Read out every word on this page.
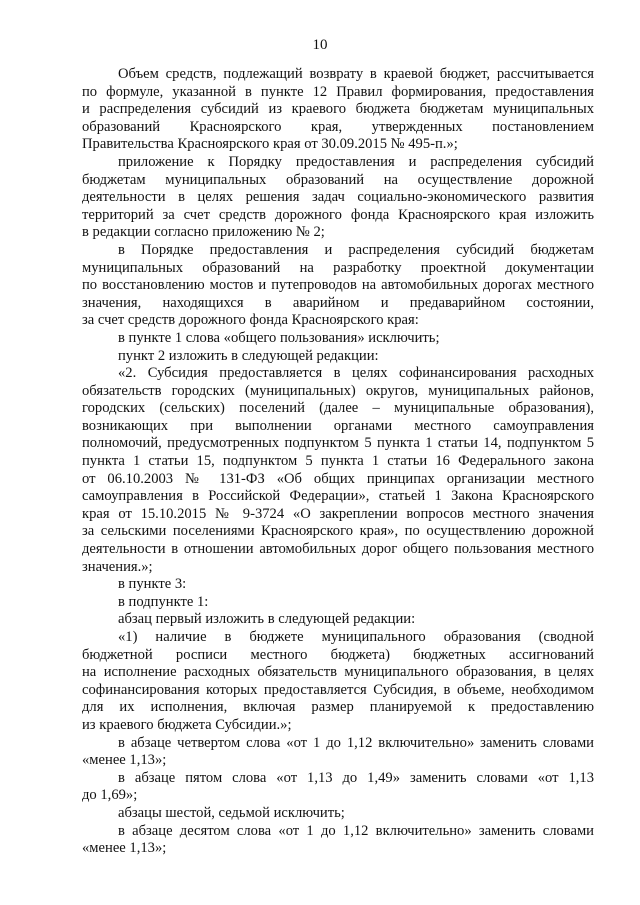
10
Объем средств, подлежащий возврату в краевой бюджет, рассчитывается
по формуле, указанной в пункте 12 Правил формирования, предоставления
и распределения субсидий из краевого бюджета бюджетам муниципальных
образований Красноярского края, утвержденных постановлением
Правительства Красноярского края от 30.09.2015 № 495-п.»;
приложение к Порядку предоставления и распределения субсидий
бюджетам муниципальных образований на осуществление дорожной
деятельности в целях решения задач социально-экономического развития
территорий за счет средств дорожного фонда Красноярского края изложить
в редакции согласно приложению № 2;
в Порядке предоставления и распределения субсидий бюджетам
муниципальных образований на разработку проектной документации
по восстановлению мостов и путепроводов на автомобильных дорогах местного
значения, находящихся в аварийном и предаварийном состоянии,
за счет средств дорожного фонда Красноярского края:
в пункте 1 слова «общего пользования» исключить;
пункт 2 изложить в следующей редакции:
«2. Субсидия предоставляется в целях софинансирования расходных
обязательств городских (муниципальных) округов, муниципальных районов,
городских (сельских) поселений (далее – муниципальные образования),
возникающих при выполнении органами местного самоуправления
полномочий, предусмотренных подпунктом 5 пункта 1 статьи 14, подпунктом 5
пункта 1 статьи 15, подпунктом 5 пункта 1 статьи 16 Федерального закона
от 06.10.2003 № 131-ФЗ «Об общих принципах организации местного
самоуправления в Российской Федерации», статьей 1 Закона Красноярского
края от 15.10.2015 № 9-3724 «О закреплении вопросов местного значения
за сельскими поселениями Красноярского края», по осуществлению дорожной
деятельности в отношении автомобильных дорог общего пользования местного
значения.»;
в пункте 3:
в подпункте 1:
абзац первый изложить в следующей редакции:
«1) наличие в бюджете муниципального образования (сводной
бюджетной росписи местного бюджета) бюджетных ассигнований
на исполнение расходных обязательств муниципального образования, в целях
софинансирования которых предоставляется Субсидия, в объеме, необходимом
для их исполнения, включая размер планируемой к предоставлению
из краевого бюджета Субсидии.»;
в абзаце четвертом слова «от 1 до 1,12 включительно» заменить словами
«менее 1,13»;
в абзаце пятом слова «от 1,13 до 1,49» заменить словами «от 1,13
до 1,69»;
абзацы шестой, седьмой исключить;
в абзаце десятом слова «от 1 до 1,12 включительно» заменить словами
«менее 1,13»;
